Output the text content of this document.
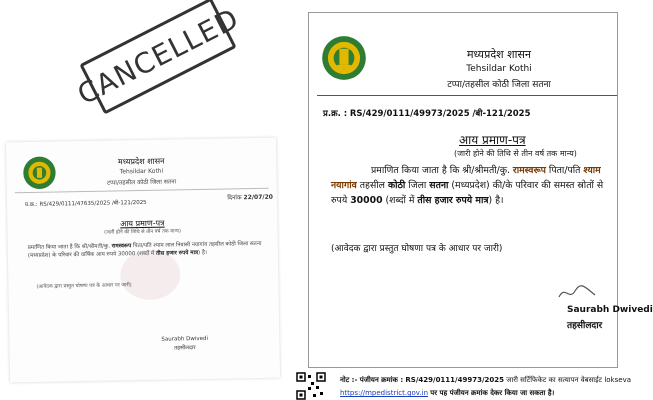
मध्यप्रदेश शासन
Tehsildar Kothi
टप्पा/तहसील कोठी जिला सतना
प्र.क्र.: RS/429/0111/47635/2025 /बी-121/2025
दिनांक 22/07/20
आय प्रमाण-पत्र
(जारी होने की तिथि से तीन वर्ष तक मान्य)
प्रमाणित किया जाता है कि श्री/श्रीमती/कु. रामस्वरूप पिता/पति श्याम लाल निवासी नयागांव तहसील कोठी जिला सतना (मध्यप्रदेश) के परिवार की वार्षिक आय रुपये 30000 (शब्दों में तीस हजार रुपये मात्र) है।
(आवेदक द्वारा प्रस्तुत घोषणा पत्र के आधार पर जारी)
Saurabh Dwivedi
तहसीलदार
CANCELLED	मध्यप्रदेश शासन
Tehsildar Kothi
टप्पा/तहसील कोठी जिला सतना
प्र.क्र. : RS/429/0111/49973/2025 /बी-121/2025
आय प्रमाण-पत्र
(जारी होने की तिथि से तीन वर्ष तक मान्य)

प्रमाणित किया जाता है कि श्री/श्रीमती/कु. रामस्वरूप पिता/पति श्याम

नयागांव तहसील कोठी जिला सतना (मध्यप्रदेश) की/के परिवार की समस्त स्रोतों से

रुपये 30000 (शब्दों में तीस हजार रुपये मात्र) है।

(आवेदक द्वारा प्रस्तुत घोषणा पत्र के आधार पर जारी)
Saurabh Dwivedi
तहसीलदार
नोट :- पंजीयन क्रमांक : RS/429/0111/49973/2025 जारी सर्टिफिकेट का सत्यापन वेबसाईट lokseva
https://mpedistrict.gov.in पर पह पंजीयन क्रमांक देकर किया जा सकता है।
